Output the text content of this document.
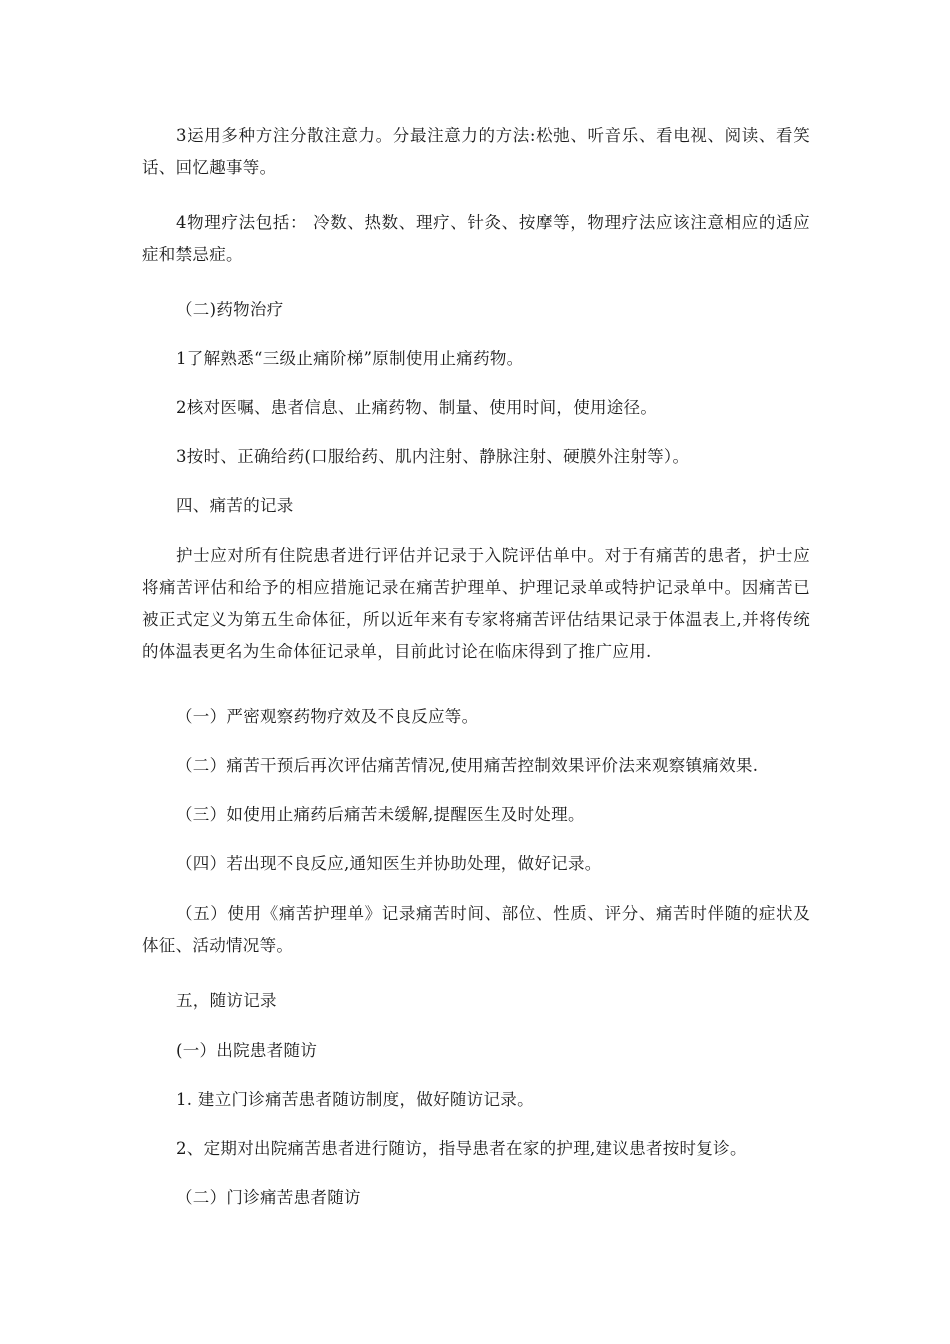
3运用多种方注分散注意力。分最注意力的方法:松弛、听音乐、看电视、阅读、看笑话、回忆趣事等。

4物理疗法包括： 冷数、热数、理疗、针灸、按摩等，物理疗法应该注意相应的适应症和禁忌症。

（二)药物治疗

1了解熟悉“三级止痛阶梯”原制使用止痛药物。

2核对医嘱、患者信息、止痛药物、制量、使用时间，使用途径。

3按时、正确给药(口服给药、肌内注射、静脉注射、硬膜外注射等）。

四、痛苦的记录

护士应对所有住院患者进行评估并记录于入院评估单中。对于有痛苦的患者，护士应将痛苦评估和给予的相应措施记录在痛苦护理单、护理记录单或特护记录单中。因痛苦已被正式定义为第五生命体征，所以近年来有专家将痛苦评估结果记录于体温表上,并将传统的体温表更名为生命体征记录单，目前此讨论在临床得到了推广应用.

（一）严密观察药物疗效及不良反应等。

（二）痛苦干预后再次评估痛苦情况,使用痛苦控制效果评价法来观察镇痛效果.

（三）如使用止痛药后痛苦未缓解,提醒医生及时处理。

（四）若出现不良反应,通知医生并协助处理，做好记录。

（五）使用《痛苦护理单》记录痛苦时间、部位、性质、评分、痛苦时伴随的症状及体征、活动情况等。

五，随访记录

(一）出院患者随访

1. 建立门诊痛苦患者随访制度，做好随访记录。

2、定期对出院痛苦患者进行随访，指导患者在家的护理,建议患者按时复诊。

（二）门诊痛苦患者随访
